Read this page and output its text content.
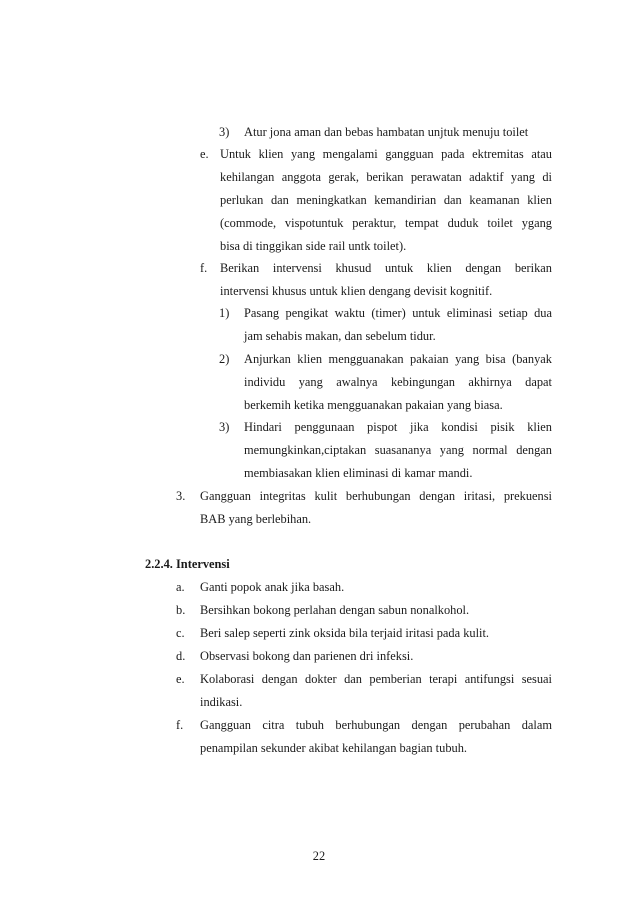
3) Atur jona aman dan bebas hambatan unjtuk menuju toilet
e. Untuk klien yang mengalami gangguan pada ektremitas atau
kehilangan anggota gerak, berikan perawatan adaktif yang di
perlukan dan meningkatkan kemandirian dan keamanan klien
(commode, vispotuntuk peraktur, tempat duduk toilet ygang
bisa di tinggikan side rail untk toilet).
f. Berikan intervensi khusud untuk klien dengan berikan
intervensi khusus untuk klien dengang devisit kognitif.
1) Pasang pengikat waktu (timer) untuk eliminasi setiap dua
jam sehabis makan, dan sebelum tidur.
2) Anjurkan klien mengguanakan pakaian yang bisa (banyak
individu yang awalnya kebingungan akhirnya dapat
berkemih ketika mengguanakan pakaian yang biasa.
3) Hindari penggunaan pispot jika kondisi pisik klien
memungkinkan,ciptakan suasananya yang normal dengan
membiasakan klien eliminasi di kamar mandi.
3. Gangguan integritas kulit berhubungan dengan iritasi, prekuensi
BAB yang berlebihan.
2.2.4. Intervensi
a. Ganti popok anak jika basah.
b. Bersihkan bokong perlahan dengan sabun nonalkohol.
c. Beri salep seperti zink oksida bila terjaid iritasi pada kulit.
d. Observasi bokong dan parienen dri infeksi.
e. Kolaborasi dengan dokter dan pemberian terapi antifungsi sesuai
indikasi.
f. Gangguan citra tubuh berhubungan dengan perubahan dalam
penampilan sekunder akibat kehilangan bagian tubuh.
22
